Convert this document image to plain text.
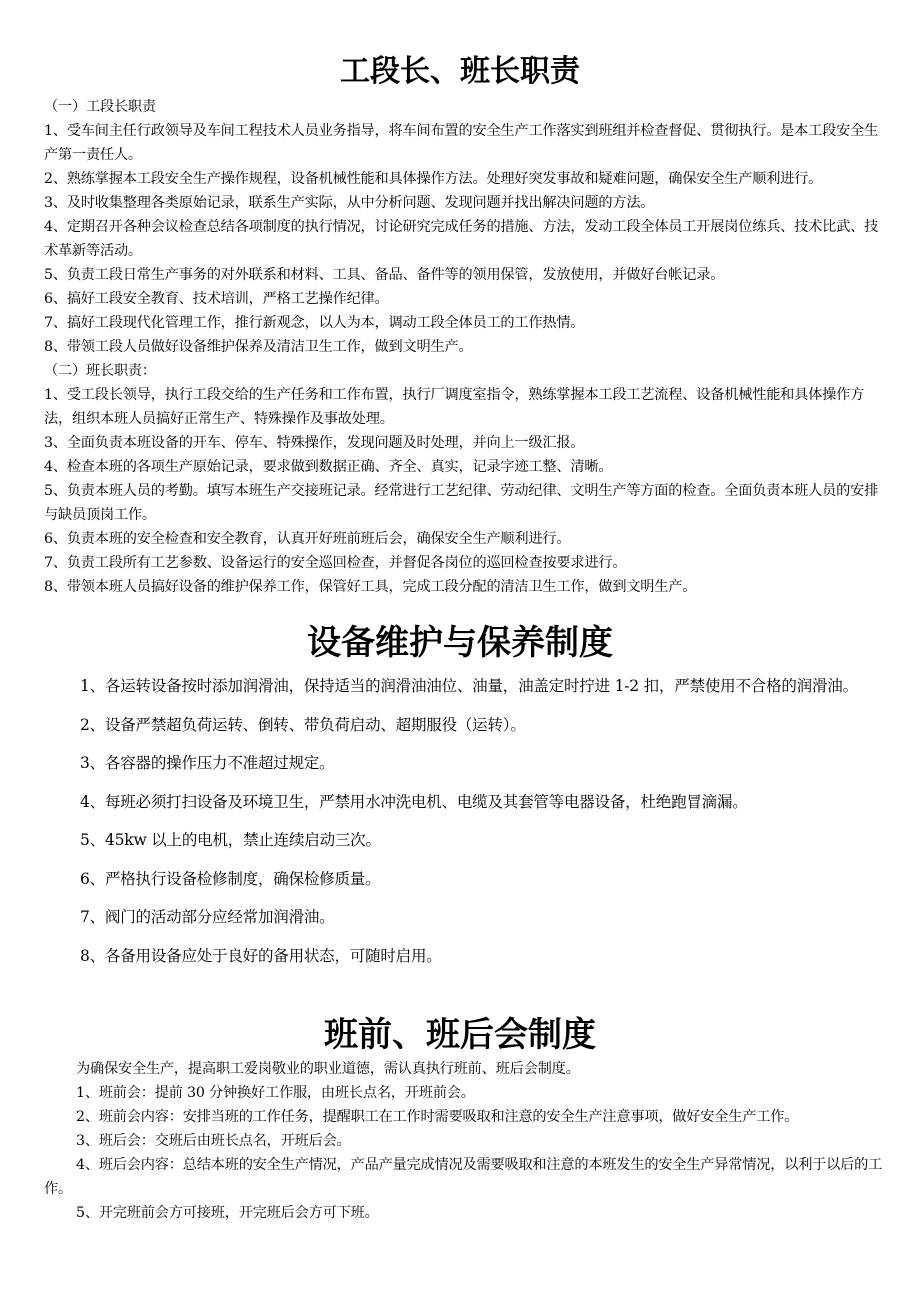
工段长、班长职责

（一）工段长职责

1、受车间主任行政领导及车间工程技术人员业务指导，将车间布置的安全生产工作落实到班组并检查督促、贯彻执行。是本工段安全生产第一责任人。

2、熟练掌握本工段安全生产操作规程，设备机械性能和具体操作方法。处理好突发事故和疑难问题，确保安全生产顺利进行。

3、及时收集整理各类原始记录，联系生产实际，从中分析问题、发现问题并找出解决问题的方法。

4、定期召开各种会议检查总结各项制度的执行情况，讨论研究完成任务的措施、方法，发动工段全体员工开展岗位练兵、技术比武、技术革新等活动。

5、负责工段日常生产事务的对外联系和材料、工具、备品、备件等的领用保管，发放使用，并做好台帐记录。

6、搞好工段安全教育、技术培训，严格工艺操作纪律。

7、搞好工段现代化管理工作，推行新观念，以人为本，调动工段全体员工的工作热情。

8、带领工段人员做好设备维护保养及清洁卫生工作，做到文明生产。

（二）班长职责：

1、受工段长领导，执行工段交给的生产任务和工作布置，执行厂调度室指令，熟练掌握本工段工艺流程、设备机械性能和具体操作方法，组织本班人员搞好正常生产、特殊操作及事故处理。

3、全面负责本班设备的开车、停车、特殊操作，发现问题及时处理，并向上一级汇报。

4、检查本班的各项生产原始记录，要求做到数据正确、齐全、真实，记录字迹工整、清晰。

5、负责本班人员的考勤。填写本班生产交接班记录。经常进行工艺纪律、劳动纪律、文明生产等方面的检查。全面负责本班人员的安排与缺员顶岗工作。

6、负责本班的安全检查和安全教育，认真开好班前班后会，确保安全生产顺利进行。

7、负责工段所有工艺参数、设备运行的安全巡回检查，并督促各岗位的巡回检查按要求进行。

8、带领本班人员搞好设备的维护保养工作，保管好工具，完成工段分配的清洁卫生工作，做到文明生产。

设备维护与保养制度

1、各运转设备按时添加润滑油，保持适当的润滑油油位、油量，油盖定时拧进 1-2 扣，严禁使用不合格的润滑油。

2、设备严禁超负荷运转、倒转、带负荷启动、超期服役（运转）。

3、各容器的操作压力不准超过规定。

4、每班必须打扫设备及环境卫生，严禁用水冲洗电机、电缆及其套管等电器设备，杜绝跑冒滴漏。

5、45kw 以上的电机，禁止连续启动三次。

6、严格执行设备检修制度，确保检修质量。

7、阀门的活动部分应经常加润滑油。

8、各备用设备应处于良好的备用状态，可随时启用。

班前、班后会制度

为确保安全生产，提高职工爱岗敬业的职业道德，需认真执行班前、班后会制度。

1、班前会：提前 30 分钟换好工作服，由班长点名，开班前会。

2、班前会内容：安排当班的工作任务，提醒职工在工作时需要吸取和注意的安全生产注意事项，做好安全生产工作。

3、班后会：交班后由班长点名，开班后会。

4、班后会内容：总结本班的安全生产情况，产品产量完成情况及需要吸取和注意的本班发生的安全生产异常情况，以利于以后的工作。

5、开完班前会方可接班，开完班后会方可下班。
